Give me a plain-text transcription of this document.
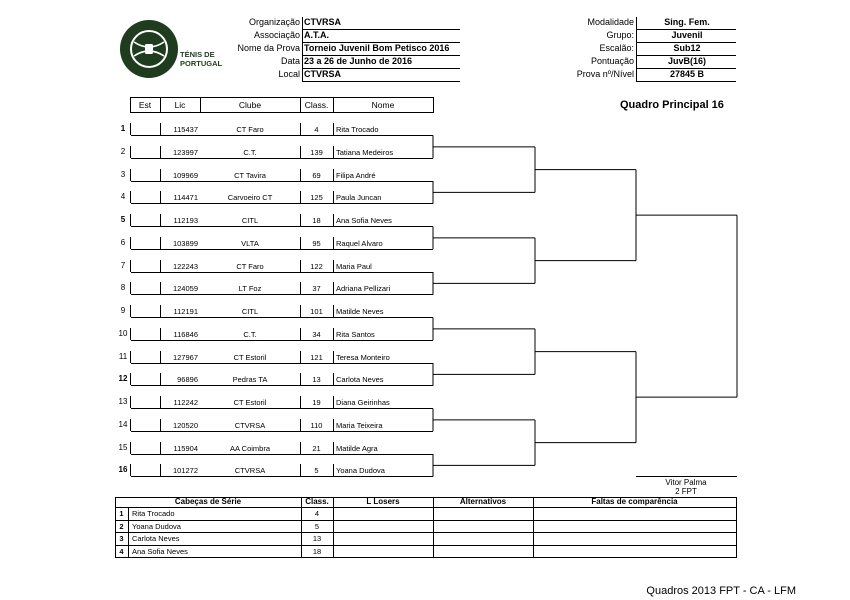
TÉNIS DE
PORTUGAL
Organização CTVRSA
Associação A.T.A.
Nome da Prova Torneio Juvenil Bom Petisco 2016
Data 23 a 26 de Junho de 2016
Local CTVRSA
Modalidade	Sing. Fem.
Grupo:	Juvenil
Escalão:	Sub12
Pontuação	JuvB(16)
Prova nº/Nível	27845 B
Quadro Principal 16
Est	Lic	Clube	Class.	Nome
1	115437	CT Faro	4	Rita Trocado
2	123997	C.T.	139	Tatiana Medeiros
3	109969	CT Tavira	69	Filipa André
4	114471	Carvoeiro CT	125	Paula Juncan
5	112193	CITL	18	Ana Sofia Neves
6	103899	VLTA	95	Raquel Alvaro
7	122243	CT Faro	122	Maria Paul
8	124059	LT Foz	37	Adriana Pellizari
9	112191	CITL	101	Matilde Neves
10	116846	C.T.	34	Rita Santos
11	127967	CT Estoril	121	Teresa Monteiro
12	96896	Pedras TA	13	Carlota Neves
13	112242	CT Estoril	19	Diana Geirinhas
14	120520	CTVRSA	110	Maria Teixeira
15	115904	AA Coimbra	21	Matilde Agra
16	101272	CTVRSA	5	Yoana Dudova
Vitor Palma
2 FPT
Cabeças de Série	Class.	L Losers	Alternativos	Faltas de comparência
1	Rita Trocado	4
2	Yoana Dudova	5
3	Carlota Neves	13
4	Ana Sofia Neves	18
Quadros 2013 FPT - CA - LFM
